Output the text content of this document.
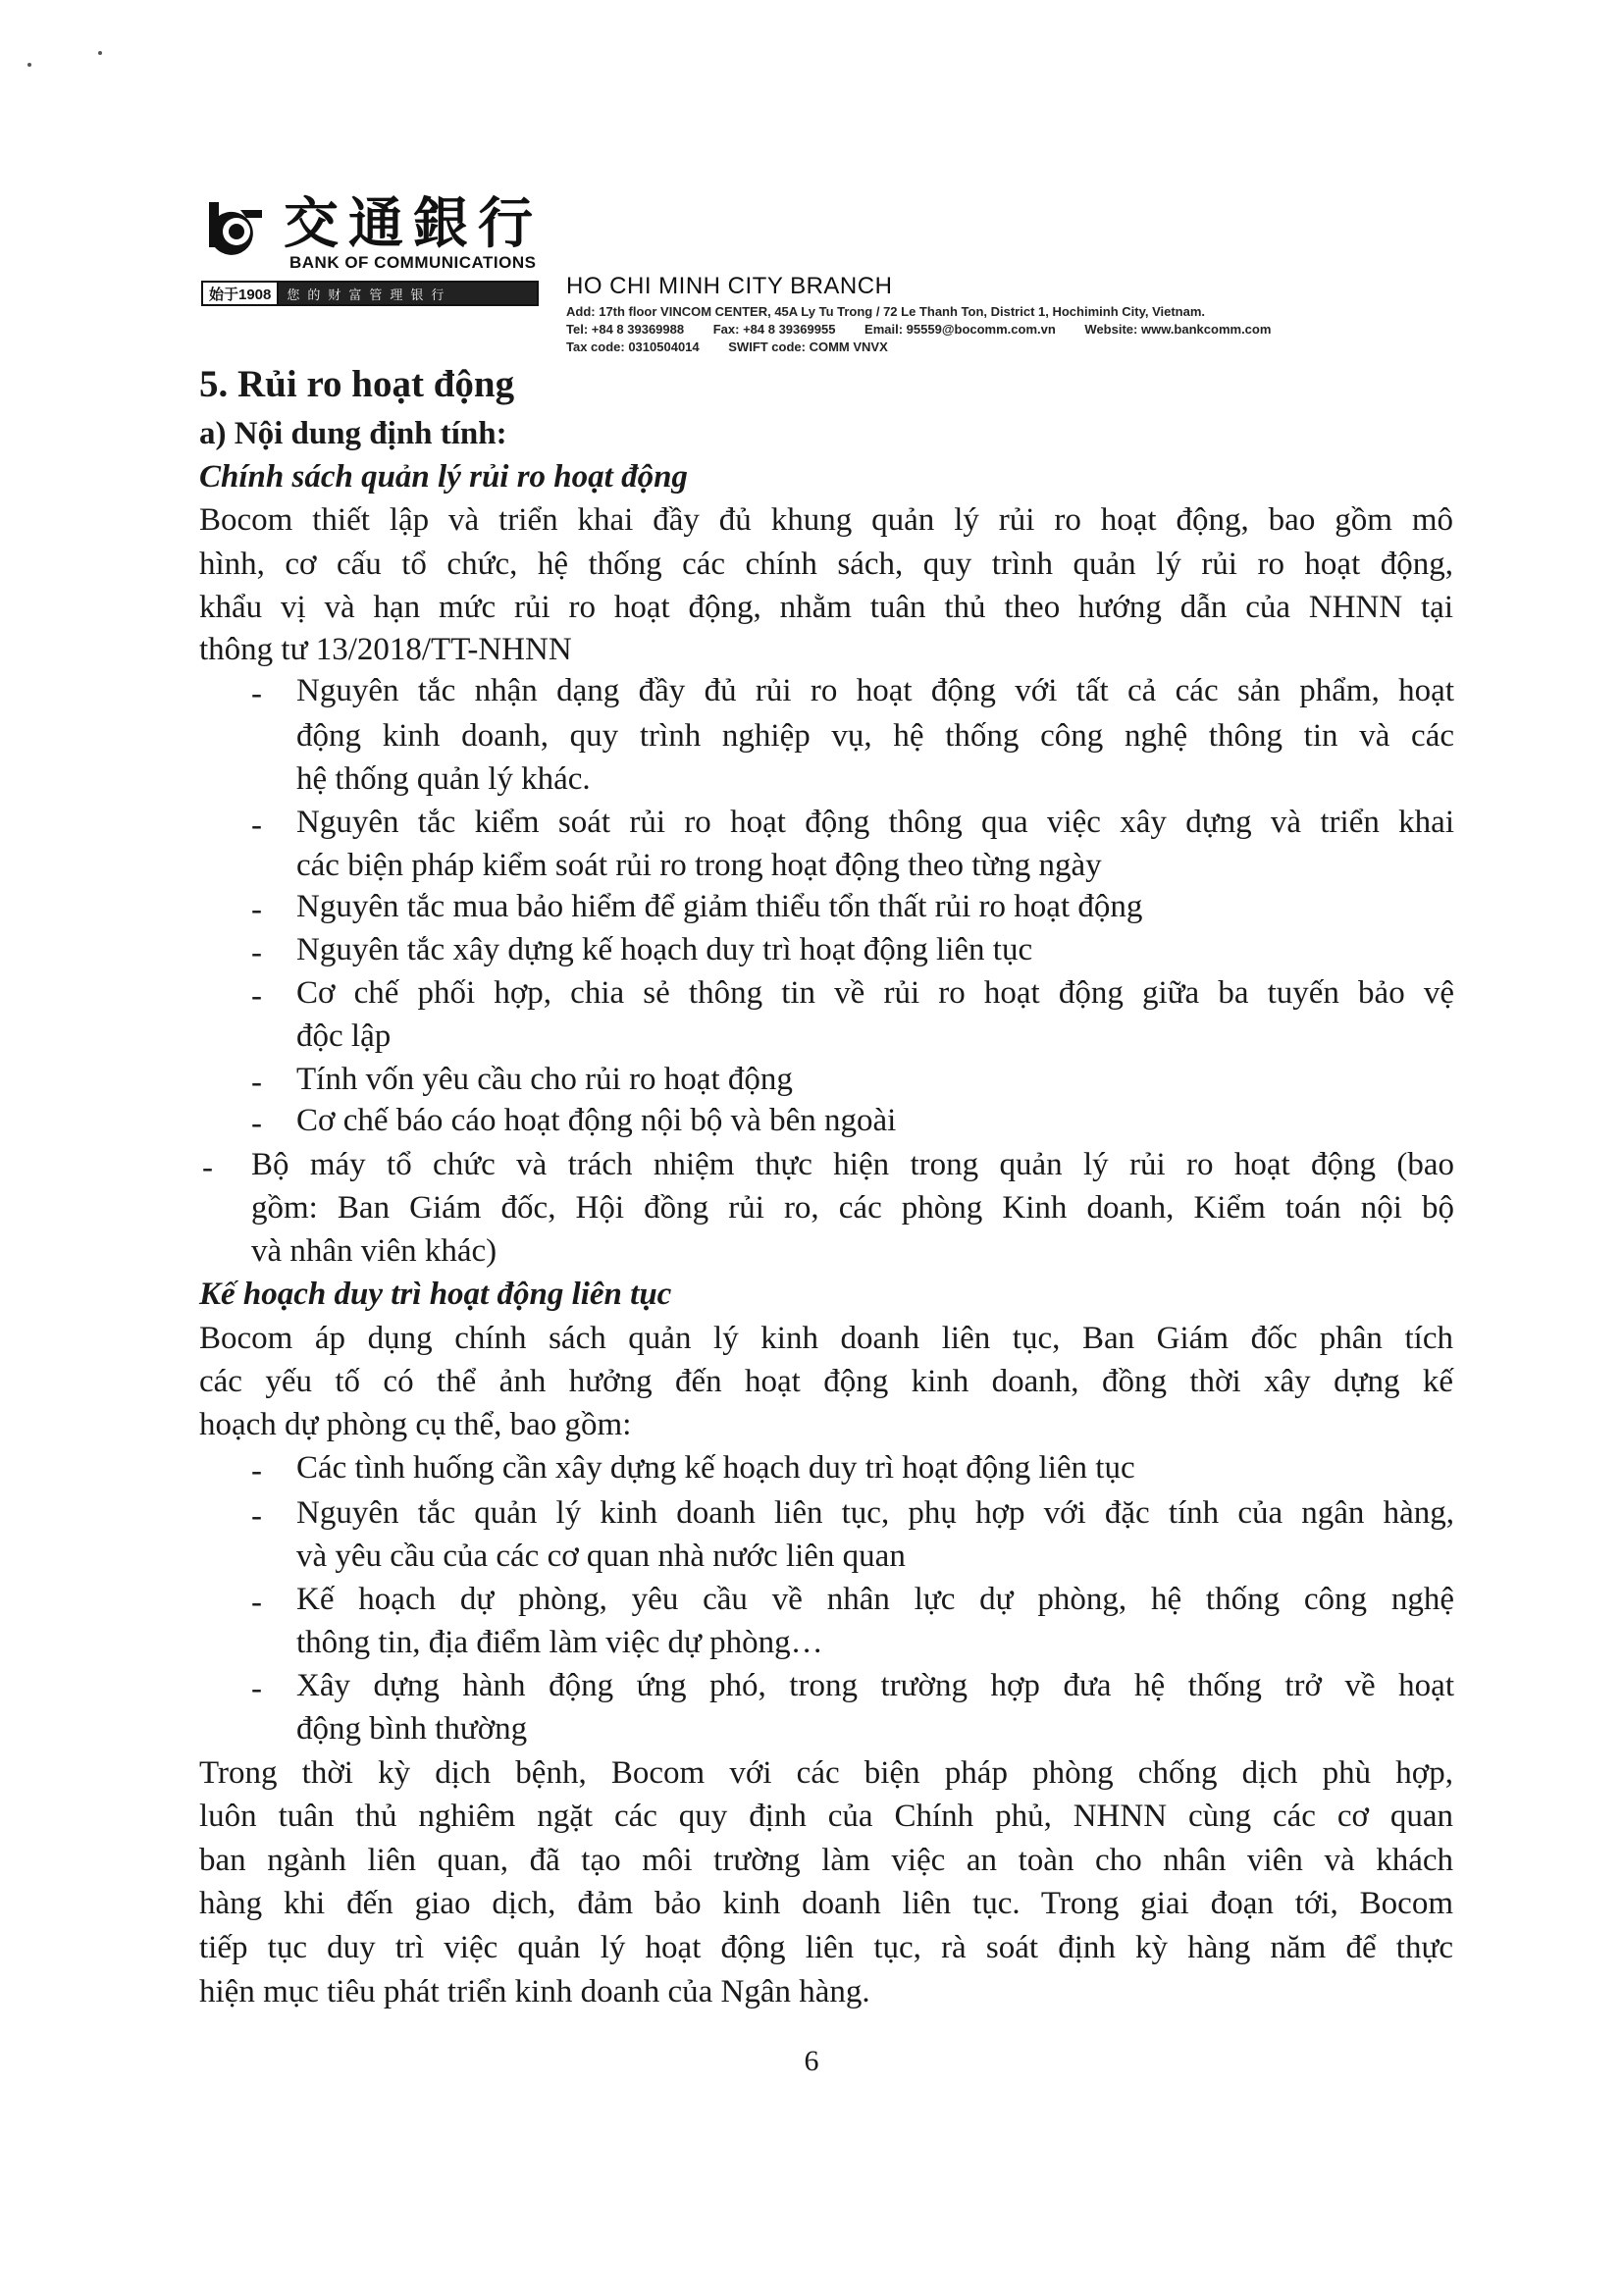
交通銀行
BANK OF COMMUNICATIONS
始于1908	您的财富管理银行	HO CHI MINH CITY BRANCH
Add: 17th floor VINCOM CENTER, 45A Ly Tu Trong / 72 Le Thanh Ton, District 1, Hochiminh City, Vietnam.
Tel: +84 8 39369988 Fax: +84 8 39369955 Email: 95559@bocomm.com.vn Website: www.bankcomm.com
Tax code: 0310504014 SWIFT code: COMM VNVX
5. Rủi ro hoạt động
a) Nội dung định tính:
Chính sách quản lý rủi ro hoạt động
Bocom thiết lập và triển khai đầy đủ khung quản lý rủi ro hoạt động, bao gồm mô
hình, cơ cấu tổ chức, hệ thống các chính sách, quy trình quản lý rủi ro hoạt động,
khẩu vị và hạn mức rủi ro hoạt động, nhằm tuân thủ theo hướng dẫn của NHNN tại
thông tư 13/2018/TT-NHNN
- Nguyên tắc nhận dạng đầy đủ rủi ro hoạt động với tất cả các sản phẩm, hoạt
động kinh doanh, quy trình nghiệp vụ, hệ thống công nghệ thông tin và các
hệ thống quản lý khác.
- Nguyên tắc kiểm soát rủi ro hoạt động thông qua việc xây dựng và triển khai
các biện pháp kiểm soát rủi ro trong hoạt động theo từng ngày
- Nguyên tắc mua bảo hiểm để giảm thiểu tổn thất rủi ro hoạt động
- Nguyên tắc xây dựng kế hoạch duy trì hoạt động liên tục
- Cơ chế phối hợp, chia sẻ thông tin về rủi ro hoạt động giữa ba tuyến bảo vệ
độc lập
- Tính vốn yêu cầu cho rủi ro hoạt động
- Cơ chế báo cáo hoạt động nội bộ và bên ngoài
- Bộ máy tổ chức và trách nhiệm thực hiện trong quản lý rủi ro hoạt động (bao
gồm: Ban Giám đốc, Hội đồng rủi ro, các phòng Kinh doanh, Kiểm toán nội bộ
và nhân viên khác)
Kế hoạch duy trì hoạt động liên tục
Bocom áp dụng chính sách quản lý kinh doanh liên tục, Ban Giám đốc phân tích
các yếu tố có thể ảnh hưởng đến hoạt động kinh doanh, đồng thời xây dựng kế
hoạch dự phòng cụ thể, bao gồm:
- Các tình huống cần xây dựng kế hoạch duy trì hoạt động liên tục
- Nguyên tắc quản lý kinh doanh liên tục, phụ hợp với đặc tính của ngân hàng,
và yêu cầu của các cơ quan nhà nước liên quan
- Kế hoạch dự phòng, yêu cầu về nhân lực dự phòng, hệ thống công nghệ
thông tin, địa điểm làm việc dự phòng…
- Xây dựng hành động ứng phó, trong trường hợp đưa hệ thống trở về hoạt
động bình thường
Trong thời kỳ dịch bệnh, Bocom với các biện pháp phòng chống dịch phù hợp,
luôn tuân thủ nghiêm ngặt các quy định của Chính phủ, NHNN cùng các cơ quan
ban ngành liên quan, đã tạo môi trường làm việc an toàn cho nhân viên và khách
hàng khi đến giao dịch, đảm bảo kinh doanh liên tục. Trong giai đoạn tới, Bocom
tiếp tục duy trì việc quản lý hoạt động liên tục, rà soát định kỳ hàng năm để thực
hiện mục tiêu phát triển kinh doanh của Ngân hàng.
6
